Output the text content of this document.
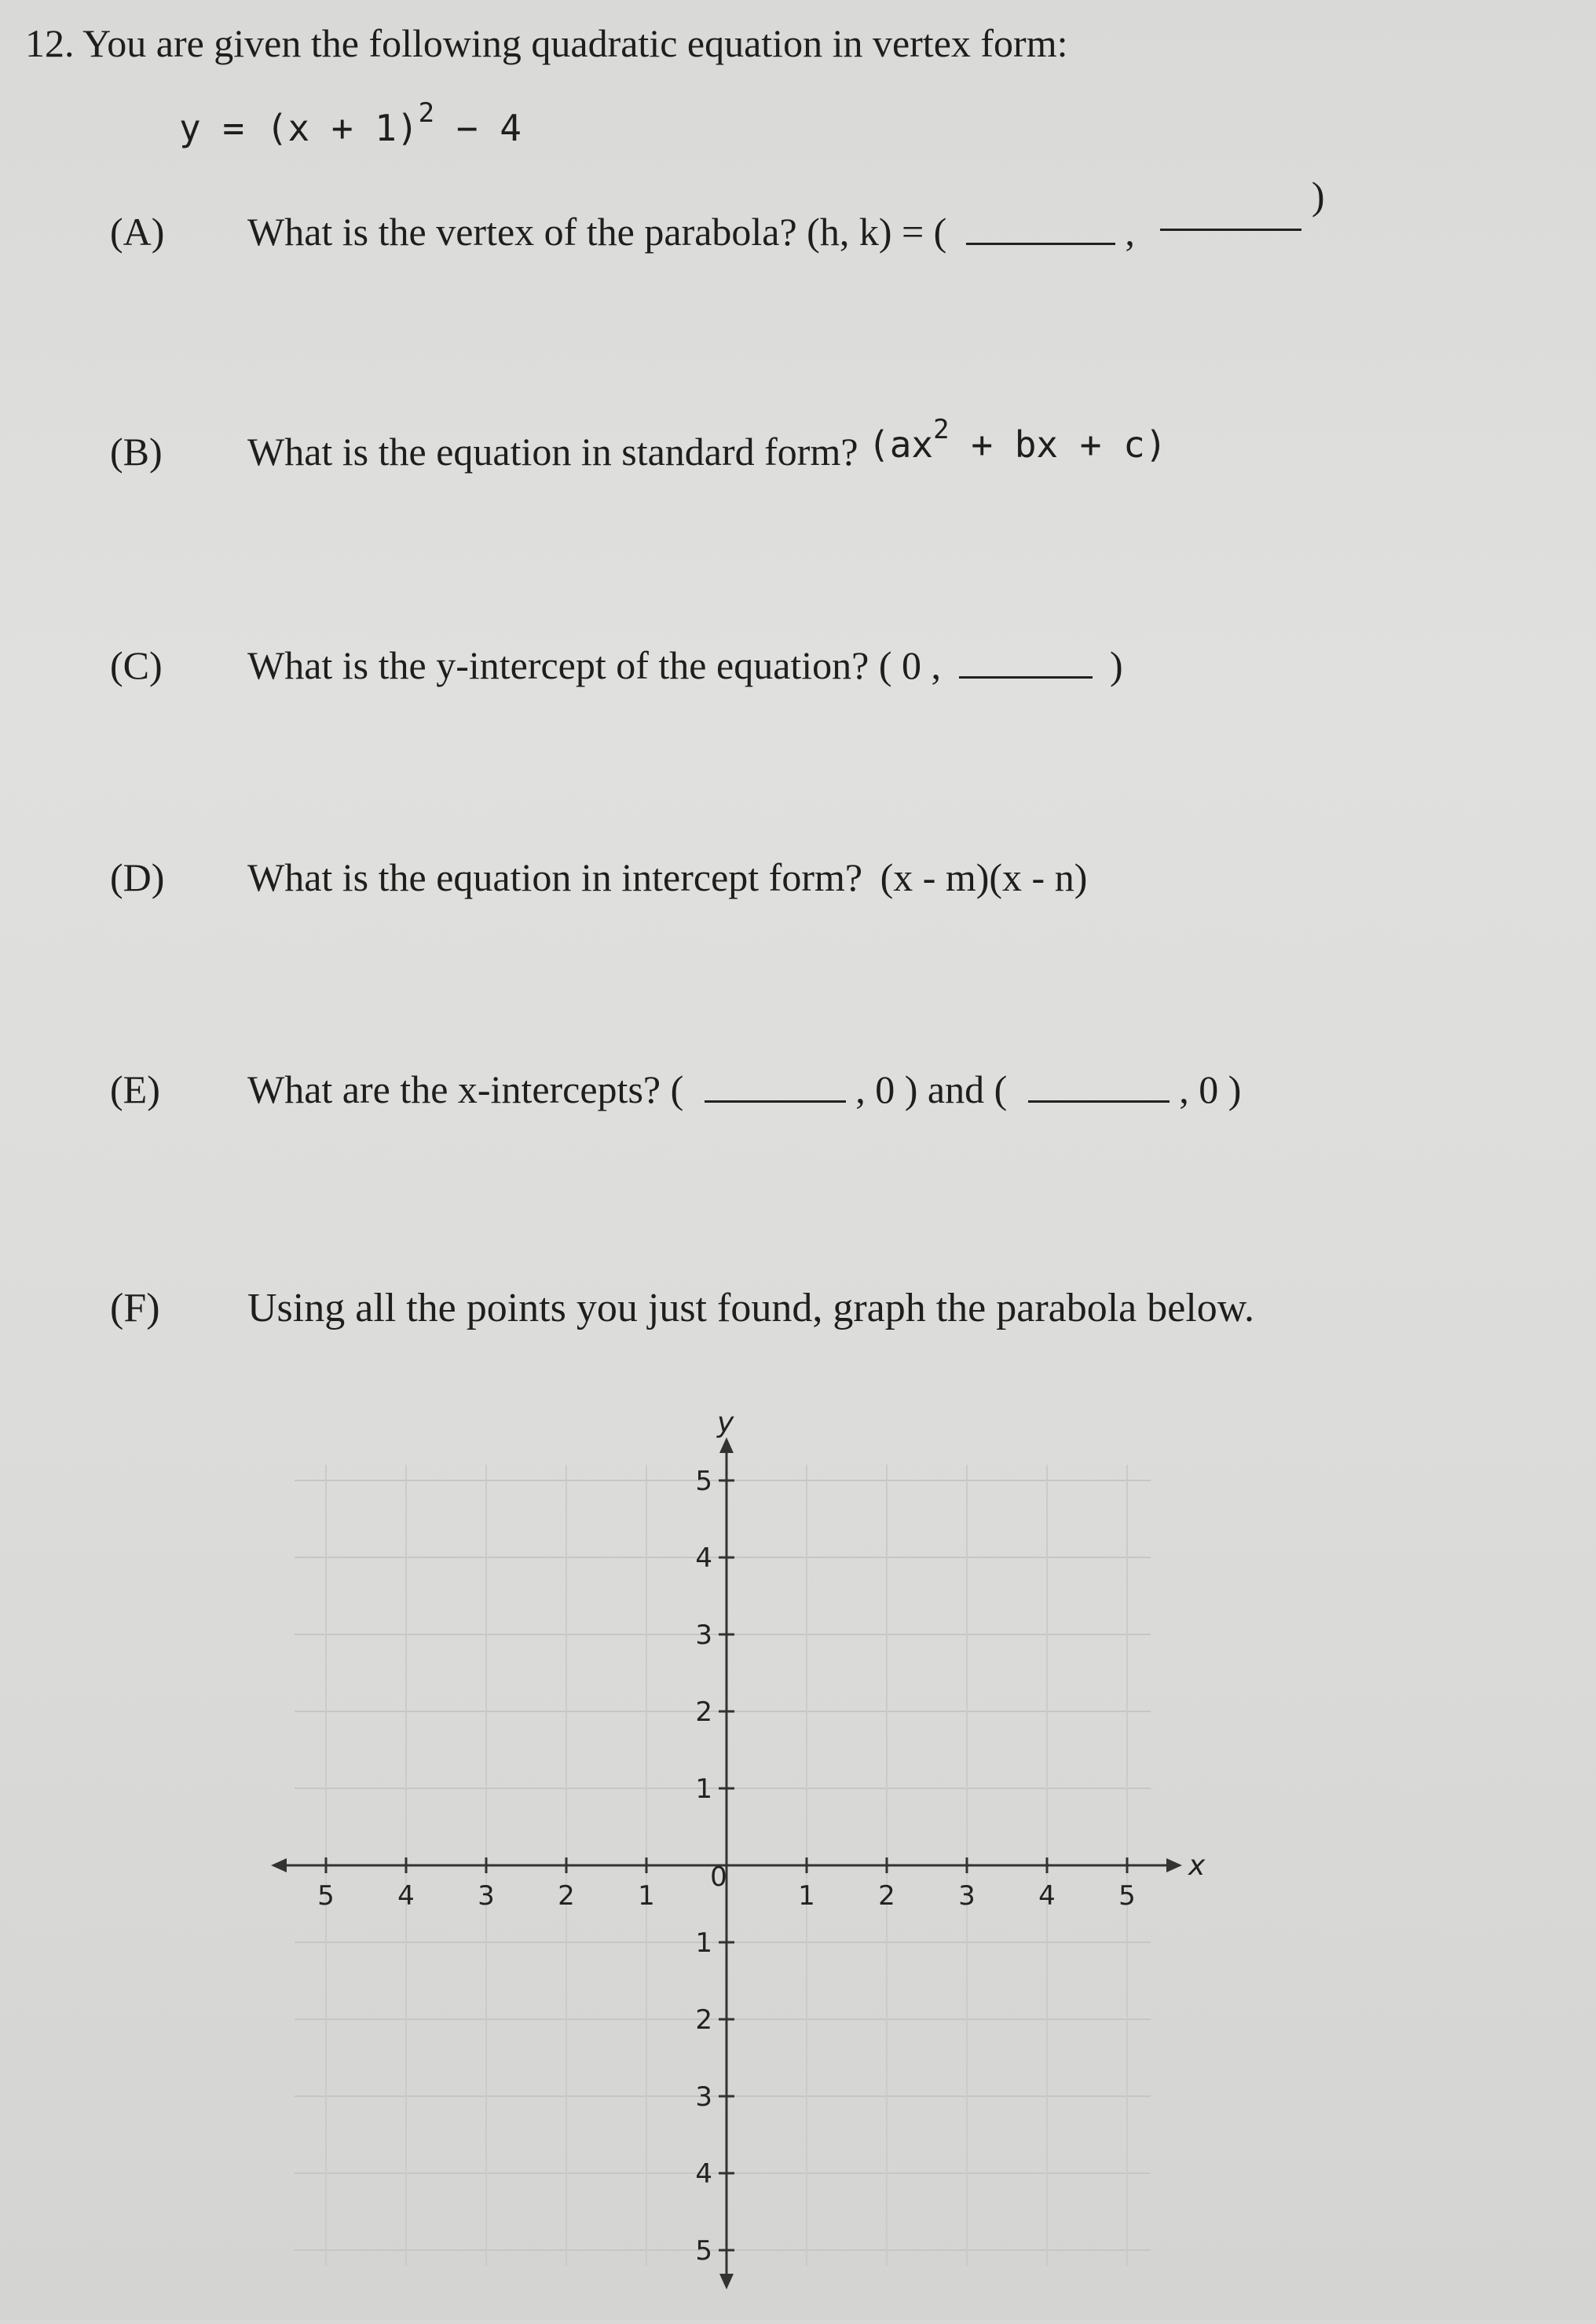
12. You are given the following quadratic equation in vertex form:
$y = (x + 1)^2 - 4$
(A) What is the vertex of the parabola? (h, k) = (	,  )
(B) What is the equation in standard form? ($ax^2$ + bx + c)
(C) What is the y-intercept of the equation? ( 0 ,	)
(D) What is the equation in intercept form? (x - m)(x - n)
(E) What are the x-intercepts? (	, 0 ) and (	, 0 )
(F) Using all the points you just found, graph the parabola below.
x
y
5 4 3 2 1	1 2 3 4 5
5
4
3
2
1
1
2
3
4
5
0
